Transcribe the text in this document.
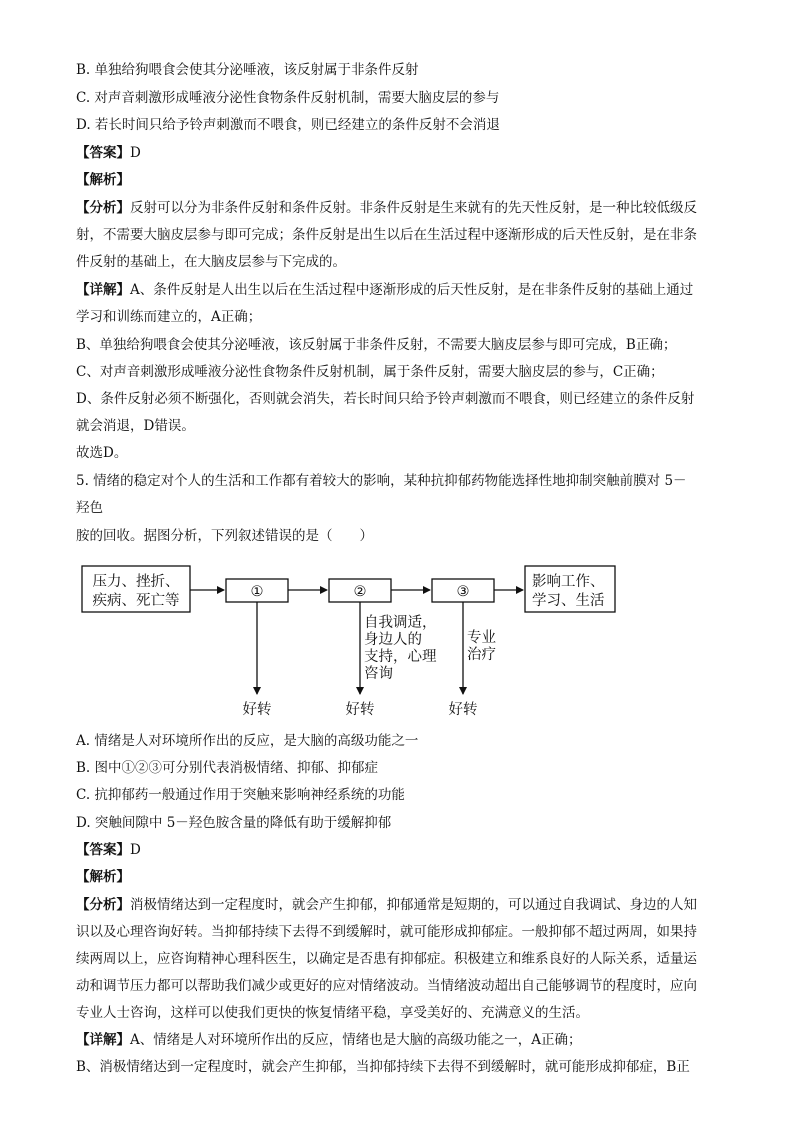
B. 单独给狗喂食会使其分泌唾液，该反射属于非条件反射
C. 对声音刺激形成唾液分泌性食物条件反射机制，需要大脑皮层的参与
D. 若长时间只给予铃声刺激而不喂食，则已经建立的条件反射不会消退
【答案】D
【解析】
【分析】反射可以分为非条件反射和条件反射。非条件反射是生来就有的先天性反射，是一种比较低级反
射，不需要大脑皮层参与即可完成；条件反射是出生以后在生活过程中逐渐形成的后天性反射，是在非条
件反射的基础上，在大脑皮层参与下完成的。
【详解】A、条件反射是人出生以后在生活过程中逐渐形成的后天性反射，是在非条件反射的基础上通过
学习和训练而建立的，A正确；
B、单独给狗喂食会使其分泌唾液，该反射属于非条件反射，不需要大脑皮层参与即可完成，B正确；
C、对声音刺激形成唾液分泌性食物条件反射机制，属于条件反射，需要大脑皮层的参与，C正确；
D、条件反射必须不断强化，否则就会消失，若长时间只给予铃声刺激而不喂食，则已经建立的条件反射
就会消退，D错误。
故选D。
5. 情绪的稳定对个人的生活和工作都有着较大的影响，某种抗抑郁药物能选择性地抑制突触前膜对 5－
羟色
胺的回收。据图分析，下列叙述错误的是（　　）
压力、挫折、
疾病、死亡等
①	②	③
影响工作、
学习、生活
自我调适，
身边人的
支持，心理
咨询
专业
治疗
好转	好转	好转
A. 情绪是人对环境所作出的反应，是大脑的高级功能之一
B. 图中①②③可分别代表消极情绪、抑郁、抑郁症
C. 抗抑郁药一般通过作用于突触来影响神经系统的功能
D. 突触间隙中 5－羟色胺含量的降低有助于缓解抑郁
【答案】D
【解析】
【分析】消极情绪达到一定程度时，就会产生抑郁，抑郁通常是短期的，可以通过自我调试、身边的人知
识以及心理咨询好转。当抑郁持续下去得不到缓解时，就可能形成抑郁症。一般抑郁不超过两周，如果持
续两周以上，应咨询精神心理科医生，以确定是否患有抑郁症。积极建立和维系良好的人际关系，适量运
动和调节压力都可以帮助我们减少或更好的应对情绪波动。当情绪波动超出自己能够调节的程度时，应向
专业人士咨询，这样可以使我们更快的恢复情绪平稳，享受美好的、充满意义的生活。
【详解】A、情绪是人对环境所作出的反应，情绪也是大脑的高级功能之一，A正确；
B、消极情绪达到一定程度时，就会产生抑郁，当抑郁持续下去得不到缓解时，就可能形成抑郁症，B正
